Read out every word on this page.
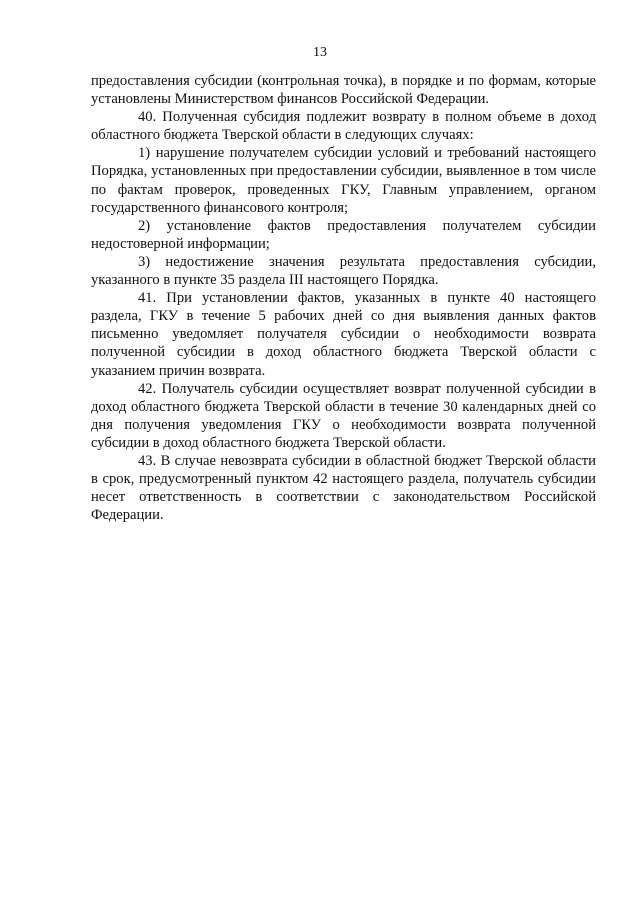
13

предоставления субсидии (контрольная точка), в порядке и по формам, которые установлены Министерством финансов Российской Федерации.

40. Полученная субсидия подлежит возврату в полном объеме в доход областного бюджета Тверской области в следующих случаях:

1) нарушение получателем субсидии условий и требований настоящего Порядка, установленных при предоставлении субсидии, выявленное в том числе по фактам проверок, проведенных ГКУ, Главным управлением, органом государственного финансового контроля;

2) установление фактов предоставления получателем субсидии недостоверной информации;

3) недостижение значения результата предоставления субсидии, указанного в пункте 35 раздела III настоящего Порядка.

41. При установлении фактов, указанных в пункте 40 настоящего раздела, ГКУ в течение 5 рабочих дней со дня выявления данных фактов письменно уведомляет получателя субсидии о необходимости возврата полученной субсидии в доход областного бюджета Тверской области с указанием причин возврата.

42. Получатель субсидии осуществляет возврат полученной субсидии в доход областного бюджета Тверской области в течение 30 календарных дней со дня получения уведомления ГКУ о необходимости возврата полученной субсидии в доход областного бюджета Тверской области.

43. В случае невозврата субсидии в областной бюджет Тверской области в срок, предусмотренный пунктом 42 настоящего раздела, получатель субсидии несет ответственность в соответствии с законодательством Российской Федерации.
